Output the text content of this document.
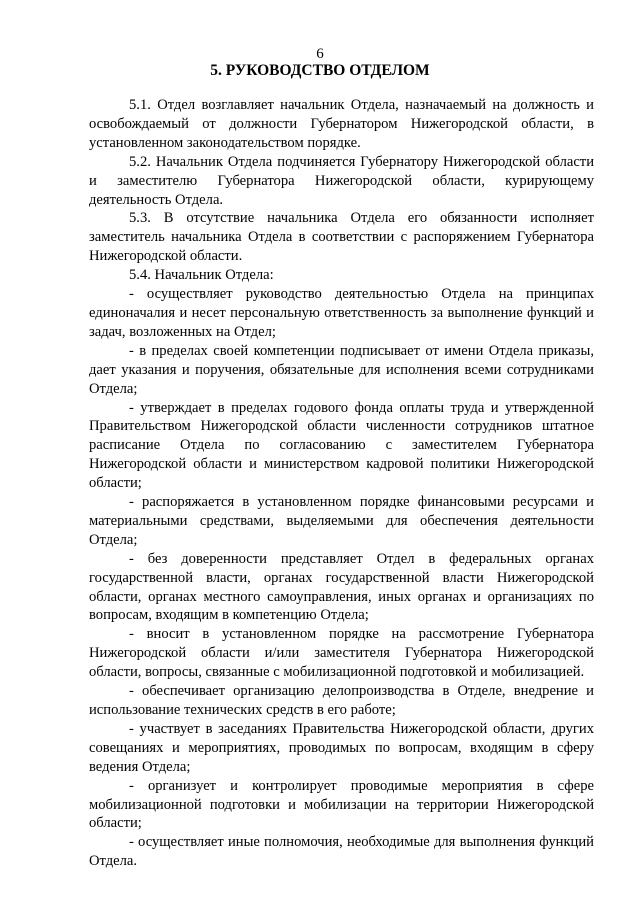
6
5. РУКОВОДСТВО ОТДЕЛОМ

5.1. Отдел возглавляет начальник Отдела, назначаемый на должность и освобождаемый от должности Губернатором Нижегородской области, в установленном законодательством порядке.

5.2. Начальник Отдела подчиняется Губернатору Нижегородской области и заместителю Губернатора Нижегородской области, курирующему деятельность Отдела.

5.3. В отсутствие начальника Отдела его обязанности исполняет заместитель начальника Отдела в соответствии с распоряжением Губернатора Нижегородской области.

5.4. Начальник Отдела:

- осуществляет руководство деятельностью Отдела на принципах единоначалия и несет персональную ответственность за выполнение функций и задач, возложенных на Отдел;

- в пределах своей компетенции подписывает от имени Отдела приказы, дает указания и поручения, обязательные для исполнения всеми сотрудниками Отдела;

- утверждает в пределах годового фонда оплаты труда и утвержденной Правительством Нижегородской области численности сотрудников штатное расписание Отдела по согласованию с заместителем Губернатора Нижегородской области и министерством кадровой политики Нижегородской области;

- распоряжается в установленном порядке финансовыми ресурсами и материальными средствами, выделяемыми для обеспечения деятельности Отдела;

- без доверенности представляет Отдел в федеральных органах государственной власти, органах государственной власти Нижегородской области, органах местного самоуправления, иных органах и организациях по вопросам, входящим в компетенцию Отдела;

- вносит в установленном порядке на рассмотрение Губернатора Нижегородской области и/или заместителя Губернатора Нижегородской области, вопросы, связанные с мобилизационной подготовкой и мобилизацией.

- обеспечивает организацию делопроизводства в Отделе, внедрение и использование технических средств в его работе;

- участвует в заседаниях Правительства Нижегородской области, других совещаниях и мероприятиях, проводимых по вопросам, входящим в сферу ведения Отдела;

- организует и контролирует проводимые мероприятия в сфере мобилизационной подготовки и мобилизации на территории Нижегородской области;

- осуществляет иные полномочия, необходимые для выполнения функций Отдела.
